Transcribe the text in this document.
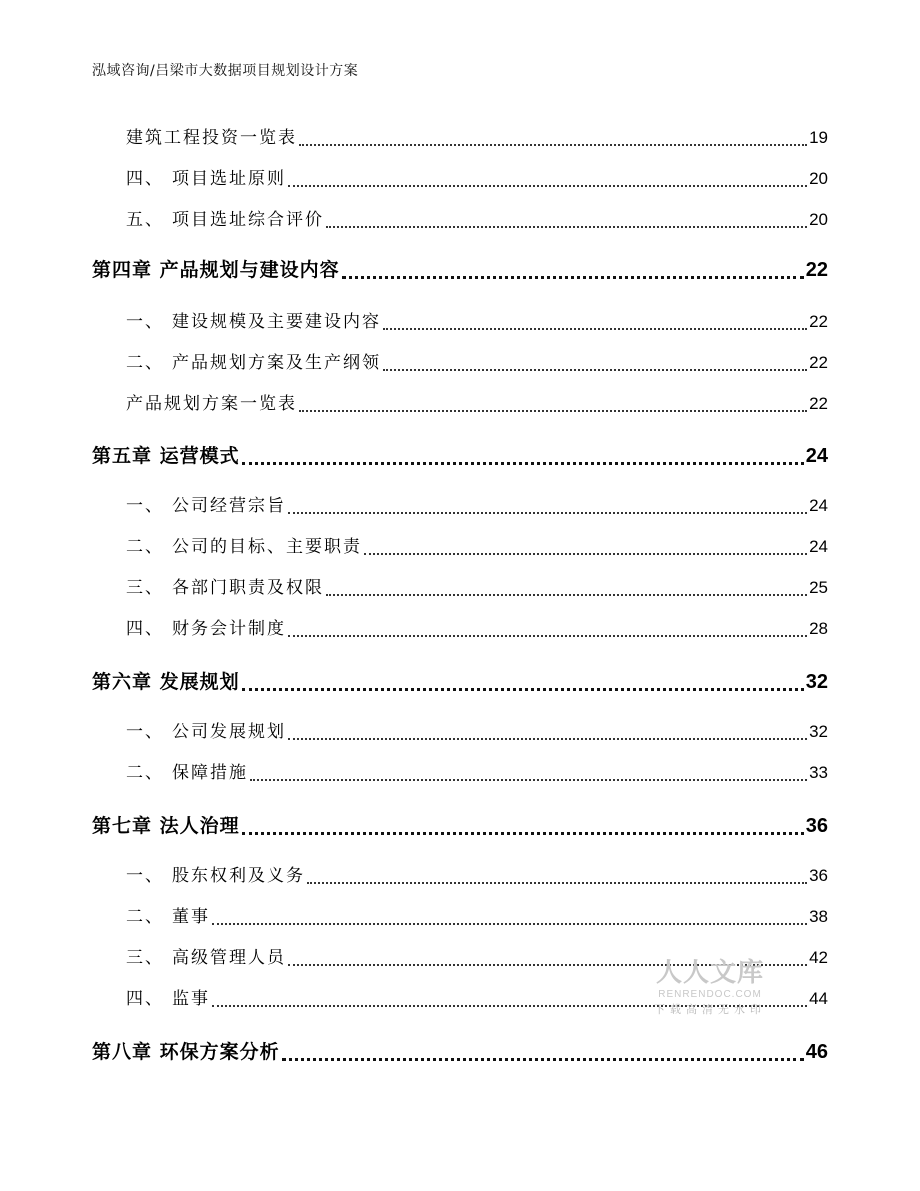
泓域咨询/吕梁市大数据项目规划设计方案
建筑工程投资一览表	19
四、 项目选址原则	20
五、 项目选址综合评价	20
第四章 产品规划与建设内容	22
一、 建设规模及主要建设内容	22
二、 产品规划方案及生产纲领	22
产品规划方案一览表	22
第五章 运营模式	24
一、 公司经营宗旨	24
二、 公司的目标、主要职责	24
三、 各部门职责及权限	25
四、 财务会计制度	28
第六章 发展规划	32
一、 公司发展规划	32
二、 保障措施	33
第七章 法人治理	36
一、 股东权利及义务	36
二、 董事	38
三、 高级管理人员	42
四、 监事	44
第八章 环保方案分析	46
人人文库
RENRENDOC.COM
下载高清无水印
